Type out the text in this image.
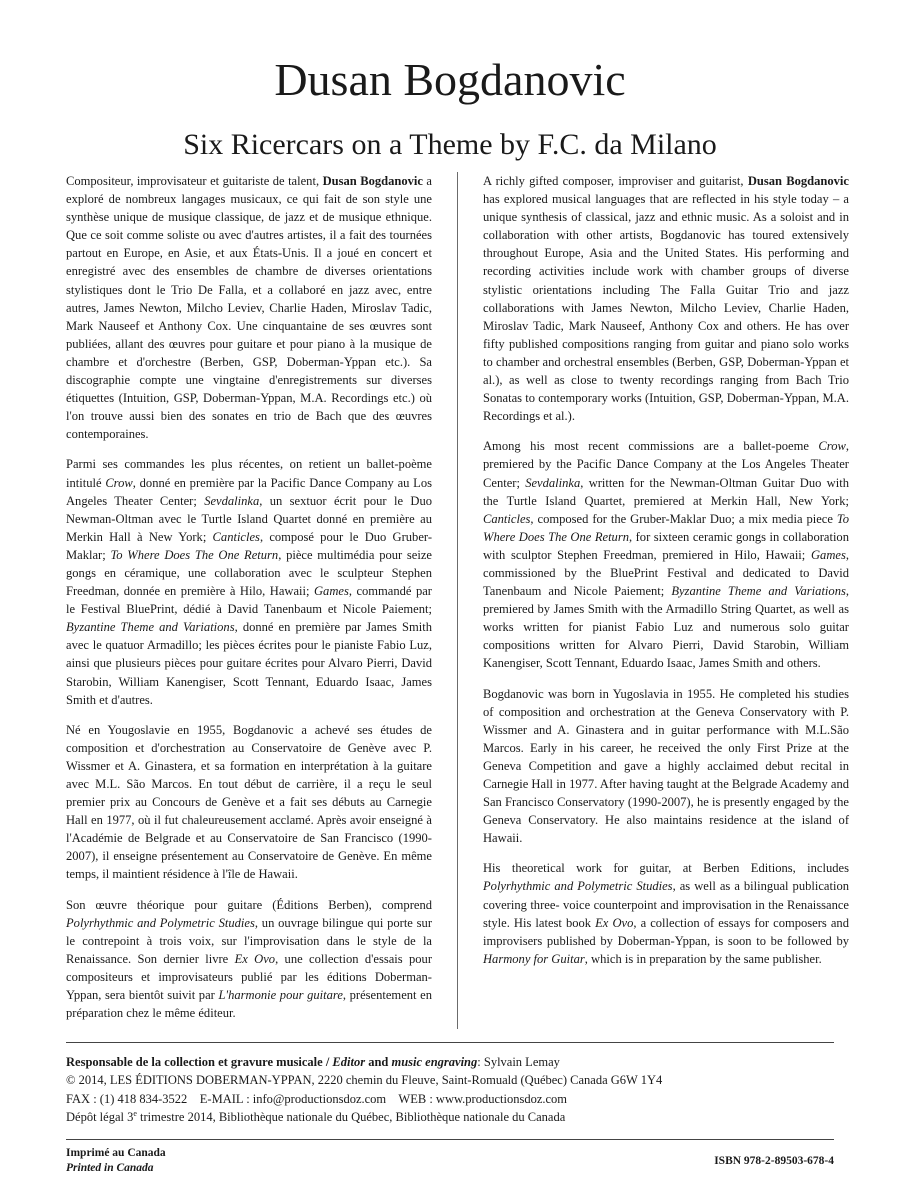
Dusan Bogdanovic
Six Ricercars on a Theme by F.C. da Milano

Compositeur, improvisateur et guitariste de talent, Dusan Bogdanovic a exploré de nombreux langages musicaux, ce qui fait de son style une synthèse unique de musique classique, de jazz et de musique ethnique. Que ce soit comme soliste ou avec d'autres artistes, il a fait des tournées partout en Europe, en Asie, et aux États-Unis. Il a joué en concert et enregistré avec des ensembles de chambre de diverses orientations stylistiques dont le Trio De Falla, et a collaboré en jazz avec, entre autres, James Newton, Milcho Leviev, Charlie Haden, Miroslav Tadic, Mark Nauseef et Anthony Cox. Une cinquantaine de ses œuvres sont publiées, allant des œuvres pour guitare et pour piano à la musique de chambre et d'orchestre (Berben, GSP, Doberman-Yppan etc.). Sa discographie compte une vingtaine d'enregistrements sur diverses étiquettes (Intuition, GSP, Doberman-Yppan, M.A. Recordings etc.) où l'on trouve aussi bien des sonates en trio de Bach que des œuvres contemporaines.

Parmi ses commandes les plus récentes, on retient un ballet-poème intitulé Crow, donné en première par la Pacific Dance Company au Los Angeles Theater Center; Sevdalinka, un sextuor écrit pour le Duo Newman-Oltman avec le Turtle Island Quartet donné en première au Merkin Hall à New York; Canticles, composé pour le Duo Gruber-Maklar; To Where Does The One Return, pièce multimédia pour seize gongs en céramique, une collaboration avec le sculpteur Stephen Freedman, donnée en première à Hilo, Hawaii; Games, commandé par le Festival BluePrint, dédié à David Tanenbaum et Nicole Paiement; Byzantine Theme and Variations, donné en première par James Smith avec le quatuor Armadillo; les pièces écrites pour le pianiste Fabio Luz, ainsi que plusieurs pièces pour guitare écrites pour Alvaro Pierri, David Starobin, William Kanengiser, Scott Tennant, Eduardo Isaac, James Smith et d'autres.

Né en Yougoslavie en 1955, Bogdanovic a achevé ses études de composition et d'orchestration au Conservatoire de Genève avec P. Wissmer et A. Ginastera, et sa formation en interprétation à la guitare avec M.L. São Marcos. En tout début de carrière, il a reçu le seul premier prix au Concours de Genève et a fait ses débuts au Carnegie Hall en 1977, où il fut chaleureusement acclamé. Après avoir enseigné à l'Académie de Belgrade et au Conservatoire de San Francisco (1990-2007), il enseigne présentement au Conservatoire de Genève. En même temps, il maintient résidence à l'île de Hawaii.

Son œuvre théorique pour guitare (Éditions Berben), comprend Polyrhythmic and Polymetric Studies, un ouvrage bilingue qui porte sur le contrepoint à trois voix, sur l'improvisation dans le style de la Renaissance. Son dernier livre Ex Ovo, une collection d'essais pour compositeurs et improvisateurs publié par les éditions Doberman-Yppan, sera bientôt suivit par L'harmonie pour guitare, présentement en préparation chez le même éditeur.

A richly gifted composer, improviser and guitarist, Dusan Bogdanovic has explored musical languages that are reflected in his style today – a unique synthesis of classical, jazz and ethnic music. As a soloist and in collaboration with other artists, Bogdanovic has toured extensively throughout Europe, Asia and the United States. His performing and recording activities include work with chamber groups of diverse stylistic orientations including The Falla Guitar Trio and jazz collaborations with James Newton, Milcho Leviev, Charlie Haden, Miroslav Tadic, Mark Nauseef, Anthony Cox and others. He has over fifty published compositions ranging from guitar and piano solo works to chamber and orchestral ensembles (Berben, GSP, Doberman-Yppan et al.), as well as close to twenty recordings ranging from Bach Trio Sonatas to contemporary works (Intuition, GSP, Doberman-Yppan, M.A. Recordings et al.).

Among his most recent commissions are a ballet-poeme Crow, premiered by the Pacific Dance Company at the Los Angeles Theater Center; Sevdalinka, written for the Newman-Oltman Guitar Duo with the Turtle Island Quartet, premiered at Merkin Hall, New York; Canticles, composed for the Gruber-Maklar Duo; a mix media piece To Where Does The One Return, for sixteen ceramic gongs in collaboration with sculptor Stephen Freedman, premiered in Hilo, Hawaii; Games, commissioned by the BluePrint Festival and dedicated to David Tanenbaum and Nicole Paiement; Byzantine Theme and Variations, premiered by James Smith with the Armadillo String Quartet, as well as works written for pianist Fabio Luz and numerous solo guitar compositions written for Alvaro Pierri, David Starobin, William Kanengiser, Scott Tennant, Eduardo Isaac, James Smith and others.

Bogdanovic was born in Yugoslavia in 1955. He completed his studies of composition and orchestration at the Geneva Conservatory with P. Wissmer and A. Ginastera and in guitar performance with M.L.São Marcos. Early in his career, he received the only First Prize at the Geneva Competition and gave a highly acclaimed debut recital in Carnegie Hall in 1977. After having taught at the Belgrade Academy and San Francisco Conservatory (1990-2007), he is presently engaged by the Geneva Conservatory. He also maintains residence at the island of Hawaii.

His theoretical work for guitar, at Berben Editions, includes Polyrhythmic and Polymetric Studies, as well as a bilingual publication covering three- voice counterpoint and improvisation in the Renaissance style. His latest book Ex Ovo, a collection of essays for composers and improvisers published by Doberman-Yppan, is soon to be followed by Harmony for Guitar, which is in preparation by the same publisher.

Responsable de la collection et gravure musicale / Editor and music engraving: Sylvain Lemay
© 2014, LES ÉDITIONS DOBERMAN-YPPAN, 2220 chemin du Fleuve, Saint-Romuald (Québec) Canada G6W 1Y4
FAX : (1) 418 834-3522    E-MAIL : info@productionsdoz.com    WEB : www.productionsdoz.com
Dépôt légal 3e trimestre 2014, Bibliothèque nationale du Québec, Bibliothèque nationale du Canada
Imprimé au Canada
Printed in Canada
ISBN 978-2-89503-678-4
